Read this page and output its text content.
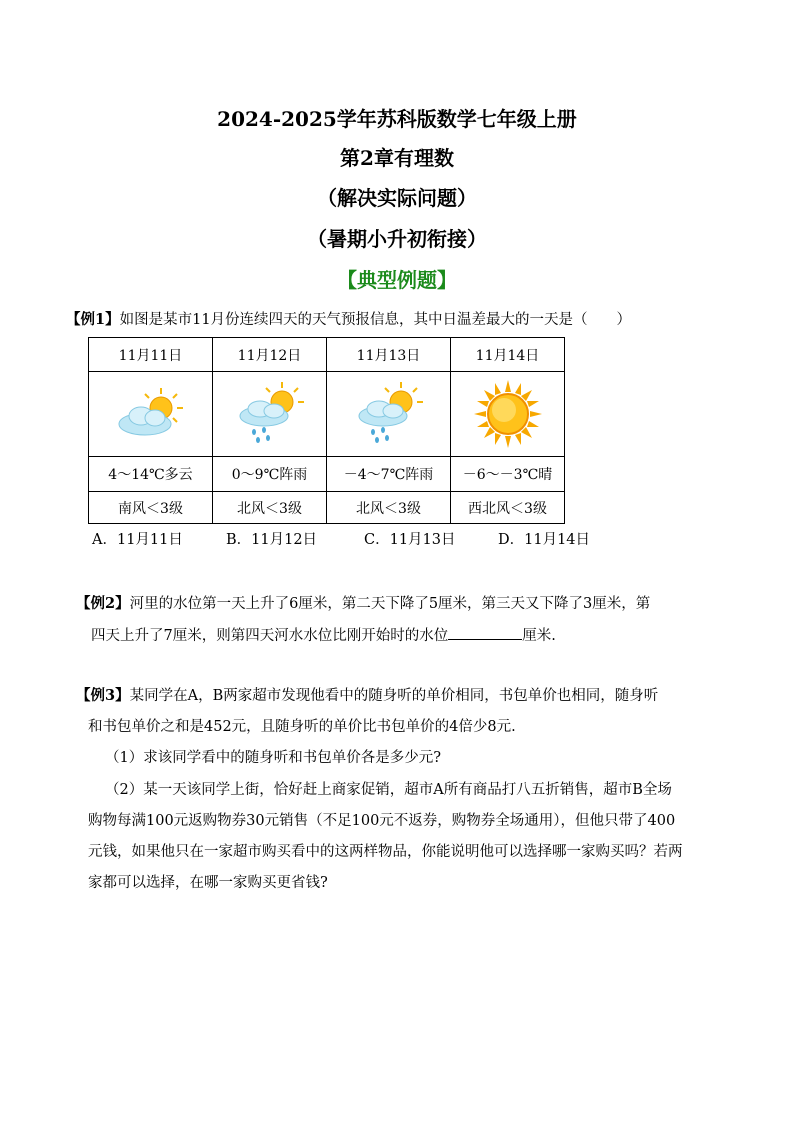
2024-2025学年苏科版数学七年级上册
第2章有理数
（解决实际问题）
（暑期小升初衔接）
【典型例题】
【例1】如图是某市11月份连续四天的天气预报信息，其中日温差最大的一天是（　　）
11月11日	11月12日	11月13日	11月14日

4～14℃多云	0～9℃阵雨	－4～7℃阵雨	－6～－3℃晴
南风＜3级	北风＜3级	北风＜3级	西北风＜3级
A．11月11日	B．11月12日	C．11月13日	D．11月14日
【例2】河里的水位第一天上升了6厘米，第二天下降了5厘米，第三天又下降了3厘米，第
四天上升了7厘米，则第四天河水水位比刚开始时的水位	厘米.
【例3】某同学在A，B两家超市发现他看中的随身听的单价相同，书包单价也相同，随身听
和书包单价之和是452元，且随身听的单价比书包单价的4倍少8元.
（1）求该同学看中的随身听和书包单价各是多少元?
（2）某一天该同学上街，恰好赶上商家促销，超市A所有商品打八五折销售，超市B全场
购物每满100元返购物券30元销售（不足100元不返券，购物券全场通用），但他只带了400
元钱，如果他只在一家超市购买看中的这两样物品，你能说明他可以选择哪一家购买吗？若两
家都可以选择，在哪一家购买更省钱?
